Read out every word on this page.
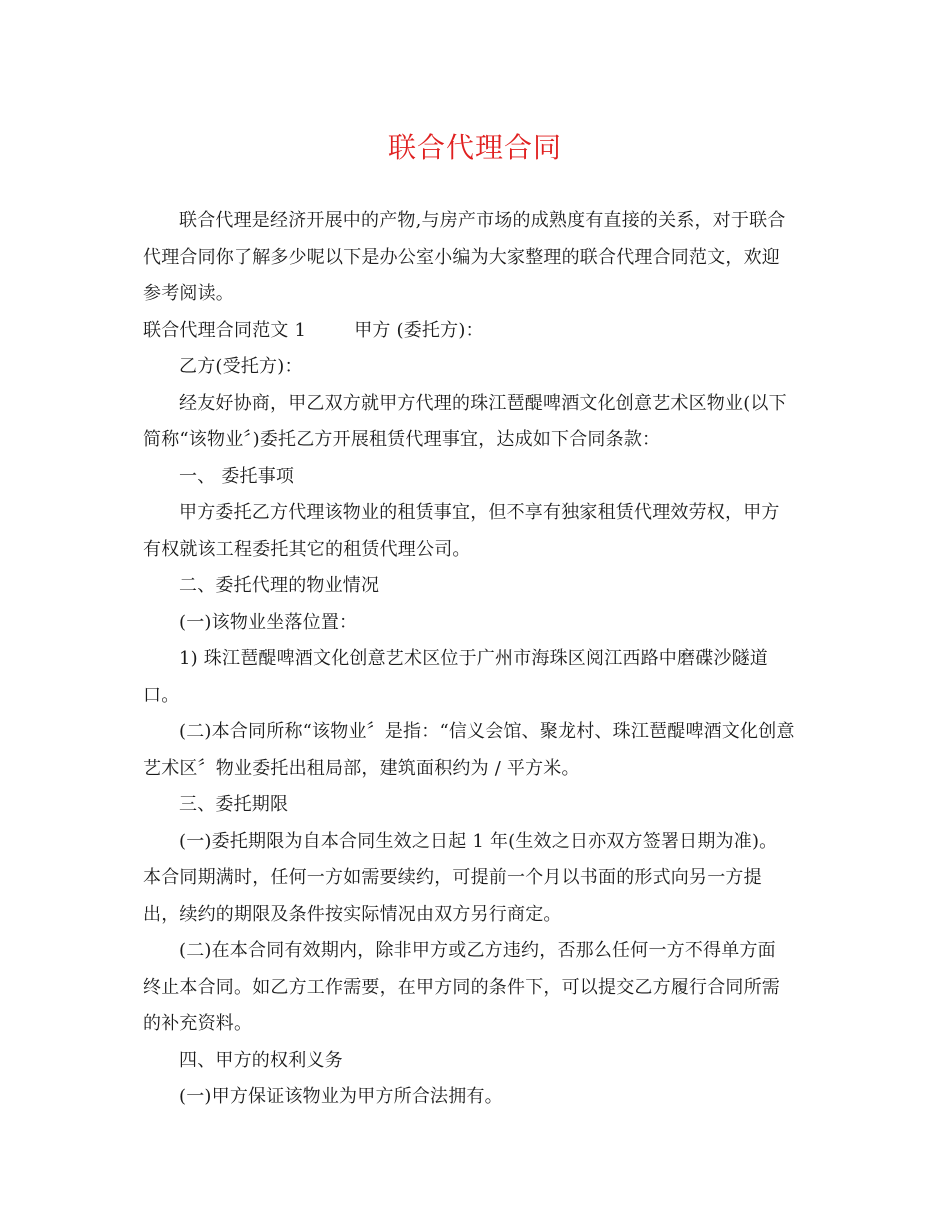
联合代理合同

联合代理是经济开展中的产物,与房产市场的成熟度有直接的关系，对于联合

代理合同你了解多少呢以下是办公室小编为大家整理的联合代理合同范文，欢迎

参考阅读。

联合代理合同范文 1	甲方 (委托方)：

乙方(受托方)：

经友好协商，甲乙双方就甲方代理的珠江琶醍啤酒文化创意艺术区物业(以下

简称“该物业〞)委托乙方开展租赁代理事宜，达成如下合同条款：

一、 委托事项

甲方委托乙方代理该物业的租赁事宜，但不享有独家租赁代理效劳权，甲方

有权就该工程委托其它的租赁代理公司。

二、委托代理的物业情况

(一)该物业坐落位置：

1) 珠江琶醍啤酒文化创意艺术区位于广州市海珠区阅江西路中磨碟沙隧道

口。

(二)本合同所称“该物业〞是指：“信义会馆、聚龙村、珠江琶醍啤酒文化创意

艺术区〞物业委托出租局部，建筑面积约为 / 平方米。

三、委托期限

(一)委托期限为自本合同生效之日起 1 年(生效之日亦双方签署日期为准)。

本合同期满时，任何一方如需要续约，可提前一个月以书面的形式向另一方提

出，续约的期限及条件按实际情况由双方另行商定。

(二)在本合同有效期内，除非甲方或乙方违约，否那么任何一方不得单方面

终止本合同。如乙方工作需要，在甲方同的条件下，可以提交乙方履行合同所需

的补充资料。

四、甲方的权利义务

(一)甲方保证该物业为甲方所合法拥有。
